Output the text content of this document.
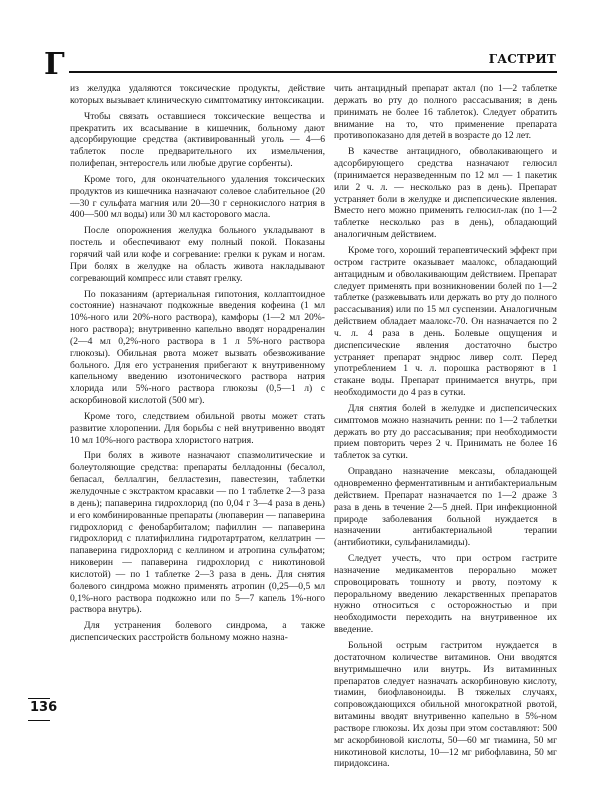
Г	ГАСТРИТ

из желудка удаляются токсические продукты, действие которых вызывает клиническую симптоматику интоксикации.

Чтобы связать оставшиеся токсические вещества и прекратить их всасывание в кишечник, больному дают адсорбирующие средства (активированный уголь — 4—6 таблеток после предварительного их измельчения, полифепан, энтеросгель или любые другие сорбенты).

Кроме того, для окончательного удаления токсических продуктов из кишечника назначают солевое слабительное (20—30 г сульфата магния или 20—30 г сернокислого натрия в 400—500 мл воды) или 30 мл касторового масла.

После опорожнения желудка больного укладывают в постель и обеспечивают ему полный покой. Показаны горячий чай или кофе и согревание: грелки к рукам и ногам. При болях в желудке на область живота накладывают согревающий компресс или ставят грелку.

По показаниям (артериальная гипотония, коллаптоидное состояние) назначают подкожные введения кофеина (1 мл 10%-ного или 20%-ного раствора), камфоры (1—2 мл 20%-ного раствора); внутривенно капельно вводят норадреналин (2—4 мл 0,2%-ного раствора в 1 л 5%-ного раствора глюкозы). Обильная рвота может вызвать обезвоживание больного. Для его устранения прибегают к внутривенному капельному введению изотонического раствора натрия хлорида или 5%-ного раствора глюкозы (0,5—1 л) с аскорбиновой кислотой (500 мг).

Кроме того, следствием обильной рвоты может стать развитие хлоропении. Для борьбы с ней внутривенно вводят 10 мл 10%-ного раствора хлористого натрия.

При болях в животе назначают спазмолитические и болеутоляющие средства: препараты белладонны (бесалол, бепасал, беллалгин, белластезин, павестезин, таблетки желудочные с экстрактом красавки — по 1 таблетке 2—3 раза в день); папаверина гидрохлорид (по 0,04 г 3—4 раза в день) и его комбинированные препараты (люпаверин — папаверина гидрохлорид с фенобарбиталом; пафиллин — папаверина гидрохлорид с платифиллина гидротартратом, келлатрин — папаверина гидрохлорид с келлином и атропина сульфатом; никоверин — папаверина гидрохлорид с никотиновой кислотой) — по 1 таблетке 2—3 раза в день. Для снятия болевого синдрома можно применять атропин (0,25—0,5 мл 0,1%-ного раствора подкожно или по 5—7 капель 1%-ного раствора внутрь).

Для устранения болевого синдрома, а также диспепсических расстройств больному можно назна-

чить антацидный препарат актал (по 1—2 таблетке держать во рту до полного рассасывания; в день принимать не более 16 таблеток). Следует обратить внимание на то, что применение препарата противопоказано для детей в возрасте до 12 лет.

В качестве антацидного, обволакивающего и адсорбирующего средства назначают гелюсил (принимается неразведенным по 12 мл — 1 пакетик или 2 ч. л. — несколько раз в день). Препарат устраняет боли в желудке и диспепсические явления. Вместо него можно применять гелюсил-лак (по 1—2 таблетке несколько раз в день), обладающий аналогичным действием.

Кроме того, хороший терапевтический эффект при остром гастрите оказывает маалокс, обладающий антацидным и обволакивающим действием. Препарат следует применять при возникновении болей по 1—2 таблетке (разжевывать или держать во рту до полного рассасывания) или по 15 мл суспензии. Аналогичным действием обладает маалокс-70. Он назначается по 2 ч. л. 4 раза в день. Болевые ощущения и диспепсические явления достаточно быстро устраняет препарат эндрюс ливер солт. Перед употреблением 1 ч. л. порошка растворяют в 1 стакане воды. Препарат принимается внутрь, при необходимости до 4 раз в сутки.

Для снятия болей в желудке и диспепсических симптомов можно назначить ренни: по 1—2 таблетки держать во рту до рассасывания; при необходимости прием повторить через 2 ч. Принимать не более 16 таблеток за сутки.

Оправдано назначение мексазы, обладающей одновременно ферментативным и антибактериальным действием. Препарат назначается по 1—2 драже 3 раза в день в течение 2—5 дней. При инфекционной природе заболевания больной нуждается в назначении антибактериальной терапии (антибиотики, сульфаниламиды).

Следует учесть, что при остром гастрите назначение медикаментов перорально может спровоцировать тошноту и рвоту, поэтому к пероральному введению лекарственных препаратов нужно относиться с осторожностью и при необходимости переходить на внутривенное их введение.

Больной острым гастритом нуждается в достаточном количестве витаминов. Они вводятся внутримышечно или внутрь. Из витаминных препаратов следует назначать аскорбиновую кислоту, тиамин, биофлавоноиды. В тяжелых случаях, сопровождающихся обильной многократной рвотой, витамины вводят внутривенно капельно в 5%-ном растворе глюкозы. Их дозы при этом составляют: 500 мг аскорбиновой кислоты, 50—60 мг тиамина, 50 мг никотиновой кислоты, 10—12 мг рибофлавина, 50 мг пиридоксина.

136
